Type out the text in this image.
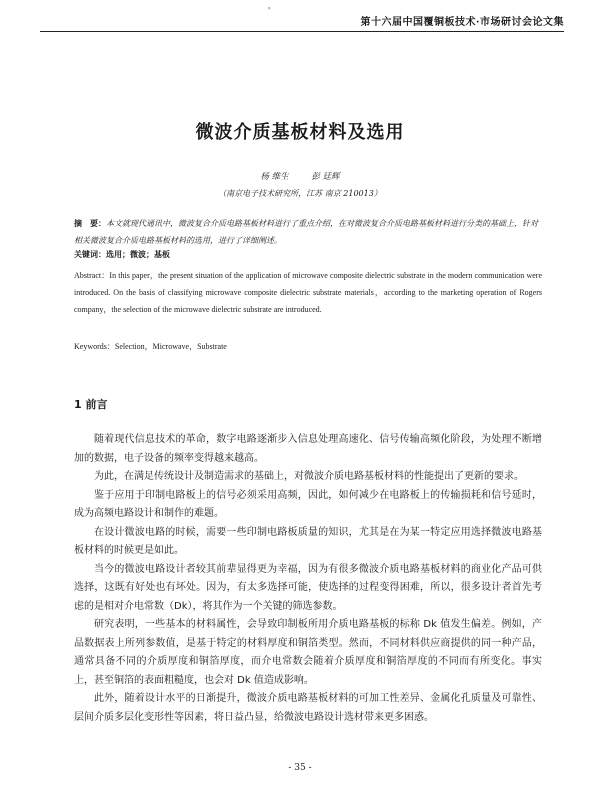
'
第十六届中国覆铜板技术·市场研讨会论文集
微波介质基板材料及选用
杨 维生	彭 廷辉
（南京电子技术研究所，江苏 南京 210013）
摘　要：本文就现代通讯中，微波复合介质电路基板材料进行了重点介绍，在对微波复合介质电路基板材料进行分类的基础上，针对相关微波复合介质电路基板材料的选用，进行了详细阐述。
关键词：选用；微波；基板
Abstract：In this paper，the present situation of the application of microwave composite dielectric substrate in the modern communication were introduced. On the basis of classifying microwave composite dielectric substrate materials，according to the marketing operation of Rogers company，the selection of the microwave dielectric substrate are introduced.
Keywords：Selection，Microwave，Substrate
1 前言

随着现代信息技术的革命，数字电路逐渐步入信息处理高速化、信号传输高频化阶段，为处理不断增加的数据，电子设备的频率变得越来越高。

为此，在满足传统设计及制造需求的基础上，对微波介质电路基板材料的性能提出了更新的要求。

鉴于应用于印制电路板上的信号必须采用高频，因此，如何减少在电路板上的传输损耗和信号延时，成为高频电路设计和制作的难题。

在设计微波电路的时候，需要一些印制电路板质量的知识，尤其是在为某一特定应用选择微波电路基板材料的时候更是如此。

当今的微波电路设计者较其前辈显得更为幸福，因为有很多微波介质电路基板材料的商业化产品可供选择，这既有好处也有坏处。因为，有太多选择可能，使选择的过程变得困难，所以，很多设计者首先考虑的是相对介电常数（Dk），将其作为一个关键的筛选参数。

研究表明，一些基本的材料属性，会导致印制板所用介质电路基板的标称 Dk 值发生偏差。例如，产品数据表上所列参数值，是基于特定的材料厚度和铜箔类型。然而，不同材料供应商提供的同一种产品，通常具备不同的介质厚度和铜箔厚度，而介电常数会随着介质厚度和铜箔厚度的不同而有所变化。事实上，甚至铜箔的表面粗糙度，也会对 Dk 值造成影响。

此外，随着设计水平的日渐提升，微波介质电路基板材料的可加工性差异、金属化孔质量及可靠性、层间介质多层化变形性等因素，将日益凸显，给微波电路设计选材带来更多困惑。

- 35 -
